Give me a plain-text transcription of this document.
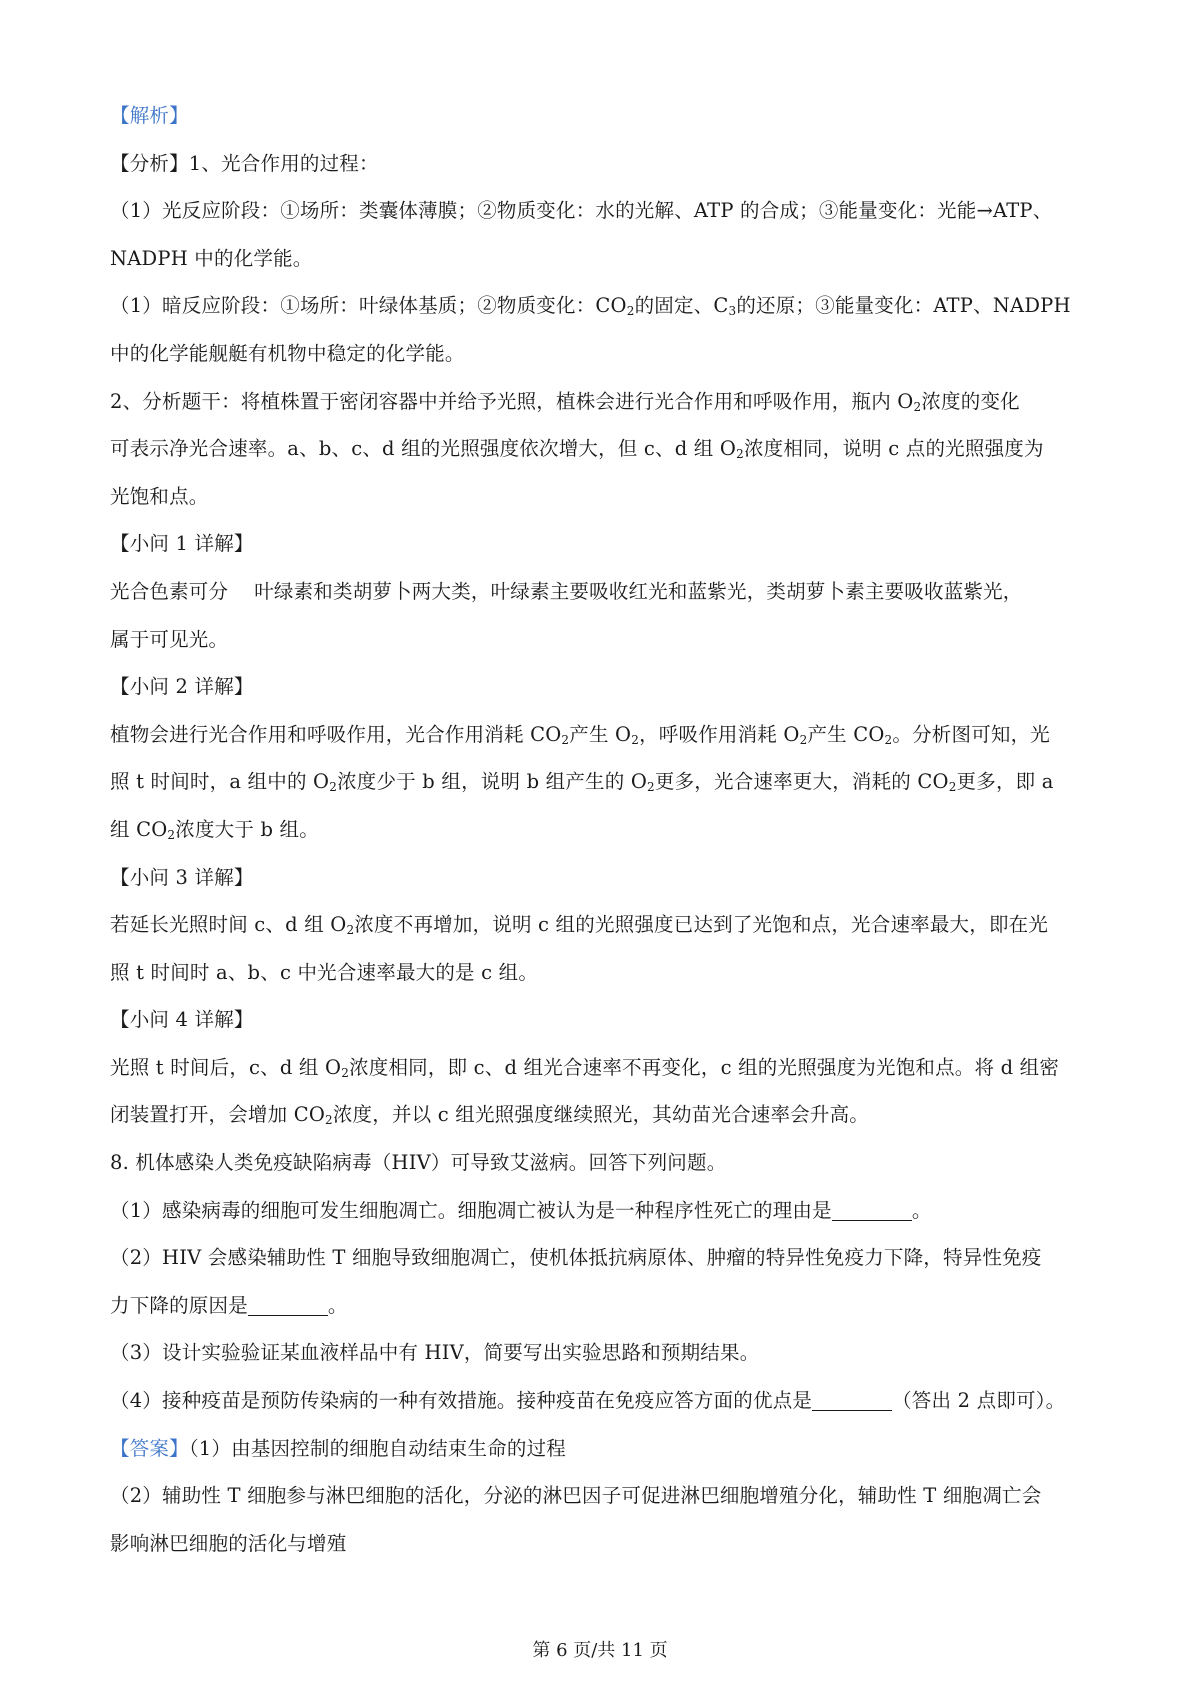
【解析】
【分析】1、光合作用的过程：
（1）光反应阶段：①场所：类囊体薄膜；②物质变化：水的光解、ATP 的合成；③能量变化：光能→ATP、
NADPH 中的化学能。
（1）暗反应阶段：①场所：叶绿体基质；②物质变化：$CO_2$的固定、$C_3$的还原；③能量变化：ATP、NADPH
中的化学能舰艇有机物中稳定的化学能。
2、分析题干：将植株置于密闭容器中并给予光照，植株会进行光合作用和呼吸作用，瓶内 $O_2$浓度的变化
可表示净光合速率。a、b、c、d 组的光照强度依次增大，但 c、d 组 $O_2$浓度相同，说明 c 点的光照强度为
光饱和点。
【小问 1 详解】
光合色素可分 叶绿素和类胡萝卜两大类，叶绿素主要吸收红光和蓝紫光，类胡萝卜素主要吸收蓝紫光，
属于可见光。
【小问 2 详解】
植物会进行光合作用和呼吸作用，光合作用消耗 $CO_2$产生 $O_2$，呼吸作用消耗 $O_2$产生 $CO_2$。分析图可知，光
照 t 时间时，a 组中的 $O_2$浓度少于 b 组，说明 b 组产生的 $O_2$更多，光合速率更大，消耗的 $CO_2$更多，即 a
组 $CO_2$浓度大于 b 组。
【小问 3 详解】
若延长光照时间 c、d 组 $O_2$浓度不再增加，说明 c 组的光照强度已达到了光饱和点，光合速率最大，即在光
照 t 时间时 a、b、c 中光合速率最大的是 c 组。
【小问 4 详解】
光照 t 时间后，c、d 组 $O_2$浓度相同，即 c、d 组光合速率不再变化，c 组的光照强度为光饱和点。将 d 组密
闭装置打开，会增加 $CO_2$浓度，并以 c 组光照强度继续照光，其幼苗光合速率会升高。
8. 机体感染人类免疫缺陷病毒（HIV）可导致艾滋病。回答下列问题。
（1）感染病毒的细胞可发生细胞凋亡。细胞凋亡被认为是一种程序性死亡的理由是	。
（2）HIV 会感染辅助性 T 细胞导致细胞凋亡，使机体抵抗病原体、肿瘤的特异性免疫力下降，特异性免疫
力下降的原因是	。
（3）设计实验验证某血液样品中有 HIV，简要写出实验思路和预期结果。
（4）接种疫苗是预防传染病的一种有效措施。接种疫苗在免疫应答方面的优点是	（答出 2 点即可）。
【答案】（1）由基因控制的细胞自动结束生命的过程
（2）辅助性 T 细胞参与淋巴细胞的活化，分泌的淋巴因子可促进淋巴细胞增殖分化，辅助性 T 细胞凋亡会
影响淋巴细胞的活化与增殖
第 6 页/共 11 页
